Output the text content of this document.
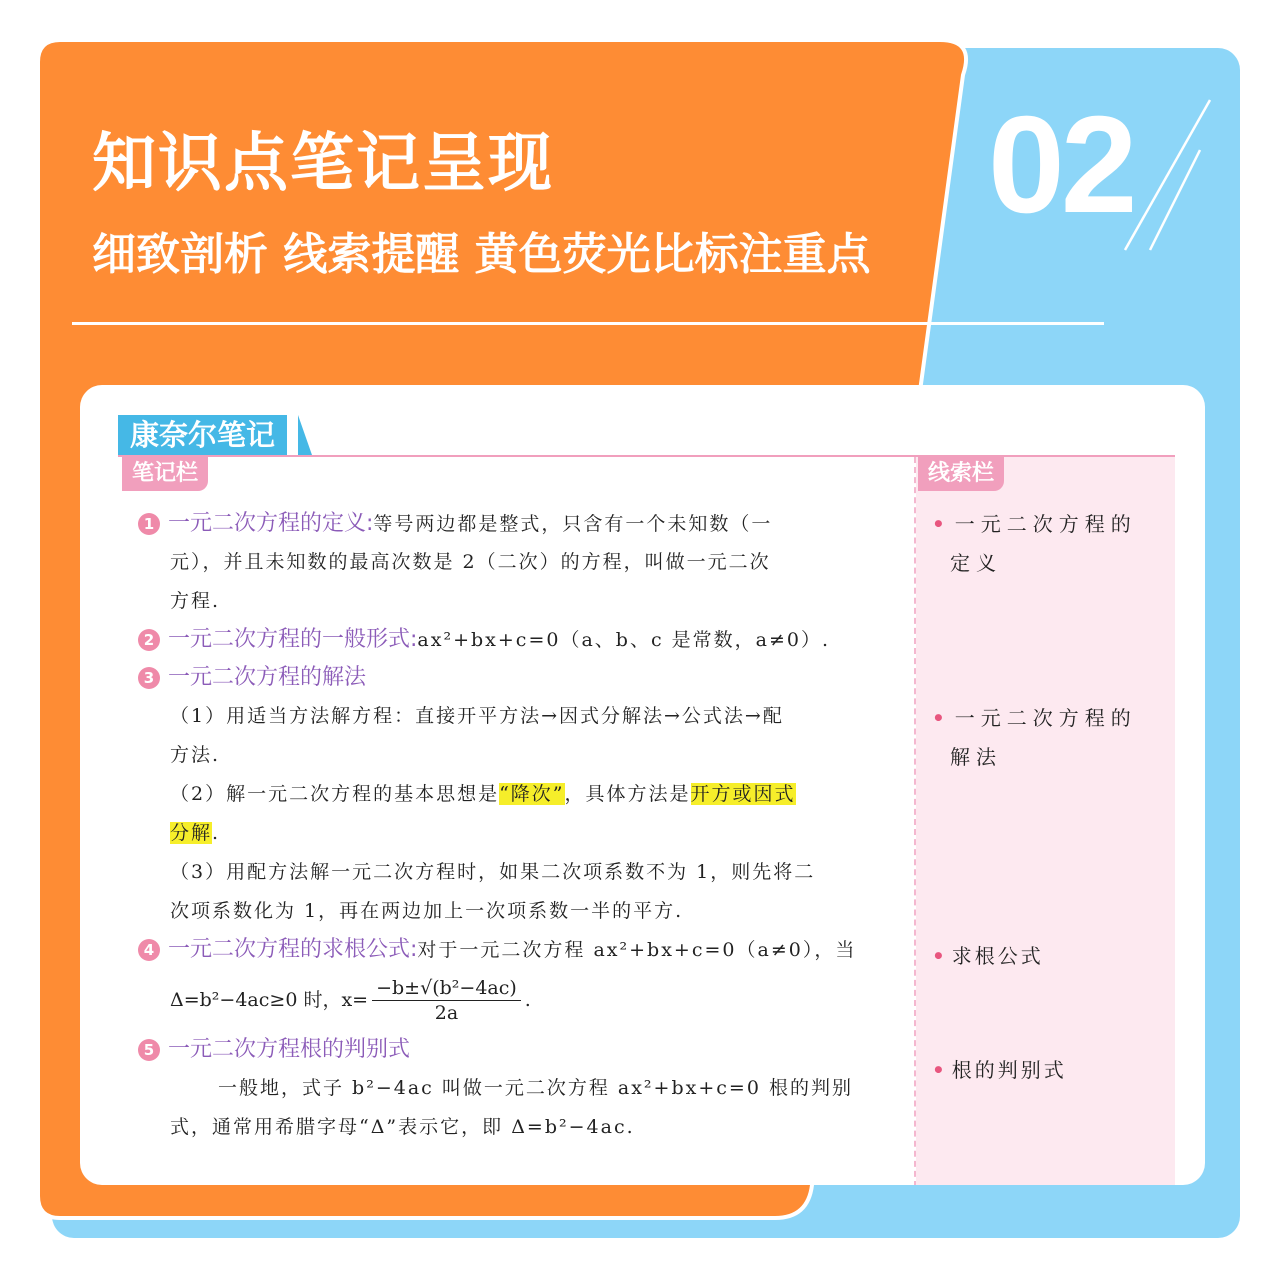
知识点笔记呈现
细致剖析 线索提醒 黄色荧光比标注重点
02
康奈尔笔记
笔记栏	线索栏
1 一元二次方程的定义: 等号两边都是整式，只含有一个未知数（一
元），并且未知数的最高次数是 2（二次）的方程，叫做一元二次
方程.
2 一元二次方程的一般形式: ax²+bx+c=0（a、b、c 是常数，a≠0）.
3 一元二次方程的解法
（1）用适当方法解方程：直接开平方法→因式分解法→公式法→配
方法.
（2）解一元二次方程的基本思想是“降次”，具体方法是开方或因式
分解.
（3）用配方法解一元二次方程时，如果二次项系数不为 1，则先将二
次项系数化为 1，再在两边加上一次项系数一半的平方.
4 一元二次方程的求根公式: 对于一元二次方程 ax²+bx+c=0（a≠0），当
Δ=b²−4ac≥0 时，$x= \frac{\text{−b±√(b²−4ac)}}{2a}$ .
5 一元二次方程根的判别式
一般地，式子 b²−4ac 叫做一元二次方程 ax²+bx+c=0 根的判别
式，通常用希腊字母“Δ”表示它，即 Δ=b²−4ac.
• 一元二次方程的
定义
• 一元二次方程的
解法
• 求根公式
• 根的判别式
